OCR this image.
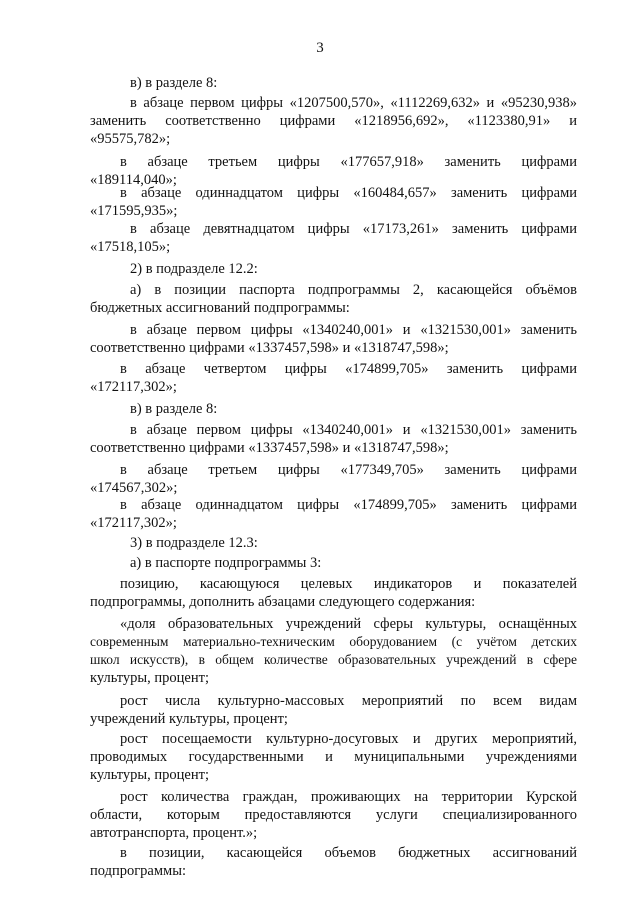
3
в) в разделе 8:
в абзаце первом цифры «1207500,570», «1112269,632» и «95230,938»
заменить соответственно цифрами «1218956,692», «1123380,91» и
«95575,782»;
в абзаце третьем цифры «177657,918» заменить цифрами
«189114,040»;
в абзаце одиннадцатом цифры «160484,657» заменить цифрами
«171595,935»;
в абзаце девятнадцатом цифры «17173,261» заменить цифрами
«17518,105»;
2) в подразделе 12.2:
а) в позиции паспорта подпрограммы 2, касающейся объёмов
бюджетных ассигнований подпрограммы:
в абзаце первом цифры «1340240,001» и «1321530,001» заменить
соответственно цифрами «1337457,598» и «1318747,598»;
в абзаце четвертом цифры «174899,705» заменить цифрами
«172117,302»;
в) в разделе 8:
в абзаце первом цифры «1340240,001» и «1321530,001» заменить
соответственно цифрами «1337457,598» и «1318747,598»;
в абзаце третьем цифры «177349,705» заменить цифрами
«174567,302»;
в абзаце одиннадцатом цифры «174899,705» заменить цифрами
«172117,302»;
3) в подразделе 12.3:
а) в паспорте подпрограммы 3:
позицию, касающуюся целевых индикаторов и показателей
подпрограммы, дополнить абзацами следующего содержания:
«доля образовательных учреждений сферы культуры, оснащённых
современным материально-техническим оборудованием (с учётом детских
школ искусств), в общем количестве образовательных учреждений в сфере
культуры, процент;
рост числа культурно-массовых мероприятий по всем видам
учреждений культуры, процент;
рост посещаемости культурно-досуговых и других мероприятий,
проводимых государственными и муниципальными учреждениями
культуры, процент;
рост количества граждан, проживающих на территории Курской
области, которым предоставляются услуги специализированного
автотранспорта, процент.»;
в позиции, касающейся объемов бюджетных ассигнований
подпрограммы:
